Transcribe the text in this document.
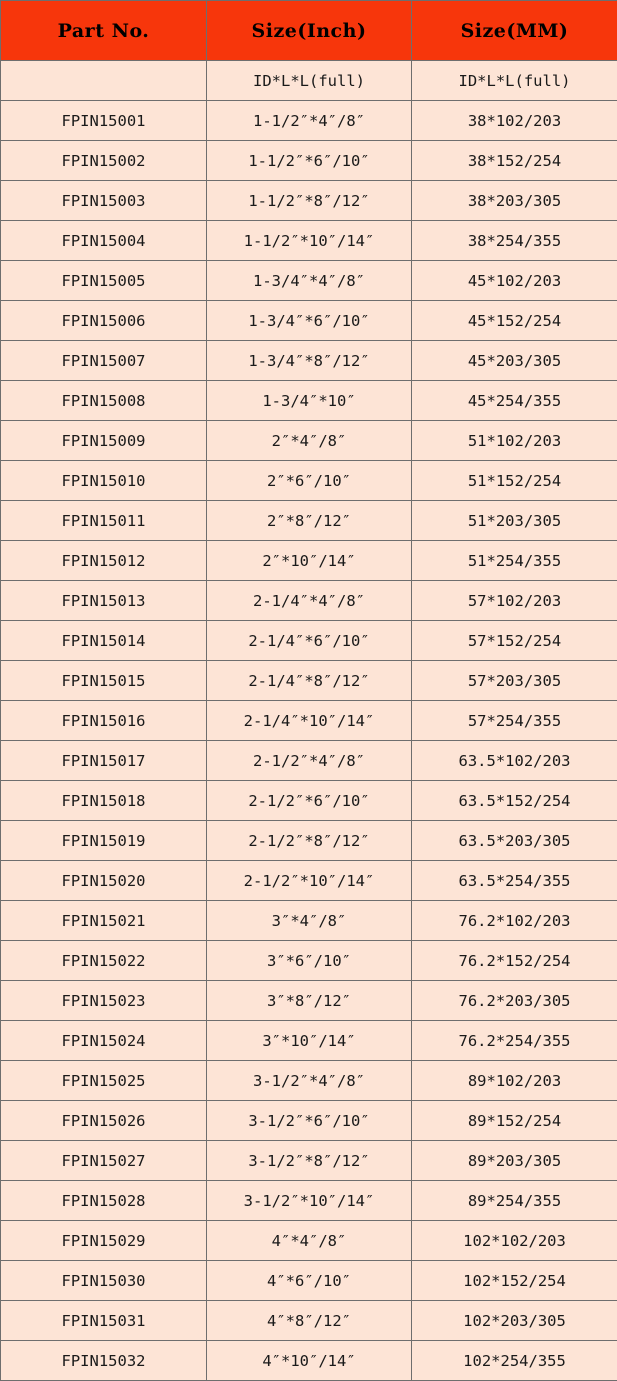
Part No.	Size(Inch)	Size(MM)
	ID*L*L(full)	ID*L*L(full)
FPIN15001	1-1/2″*4″/8″	38*102/203
FPIN15002	1-1/2″*6″/10″	38*152/254
FPIN15003	1-1/2″*8″/12″	38*203/305
FPIN15004	1-1/2″*10″/14″	38*254/355
FPIN15005	1-3/4″*4″/8″	45*102/203
FPIN15006	1-3/4″*6″/10″	45*152/254
FPIN15007	1-3/4″*8″/12″	45*203/305
FPIN15008	1-3/4″*10″	45*254/355
FPIN15009	2″*4″/8″	51*102/203
FPIN15010	2″*6″/10″	51*152/254
FPIN15011	2″*8″/12″	51*203/305
FPIN15012	2″*10″/14″	51*254/355
FPIN15013	2-1/4″*4″/8″	57*102/203
FPIN15014	2-1/4″*6″/10″	57*152/254
FPIN15015	2-1/4″*8″/12″	57*203/305
FPIN15016	2-1/4″*10″/14″	57*254/355
FPIN15017	2-1/2″*4″/8″	63.5*102/203
FPIN15018	2-1/2″*6″/10″	63.5*152/254
FPIN15019	2-1/2″*8″/12″	63.5*203/305
FPIN15020	2-1/2″*10″/14″	63.5*254/355
FPIN15021	3″*4″/8″	76.2*102/203
FPIN15022	3″*6″/10″	76.2*152/254
FPIN15023	3″*8″/12″	76.2*203/305
FPIN15024	3″*10″/14″	76.2*254/355
FPIN15025	3-1/2″*4″/8″	89*102/203
FPIN15026	3-1/2″*6″/10″	89*152/254
FPIN15027	3-1/2″*8″/12″	89*203/305
FPIN15028	3-1/2″*10″/14″	89*254/355
FPIN15029	4″*4″/8″	102*102/203
FPIN15030	4″*6″/10″	102*152/254
FPIN15031	4″*8″/12″	102*203/305
FPIN15032	4″*10″/14″	102*254/355
